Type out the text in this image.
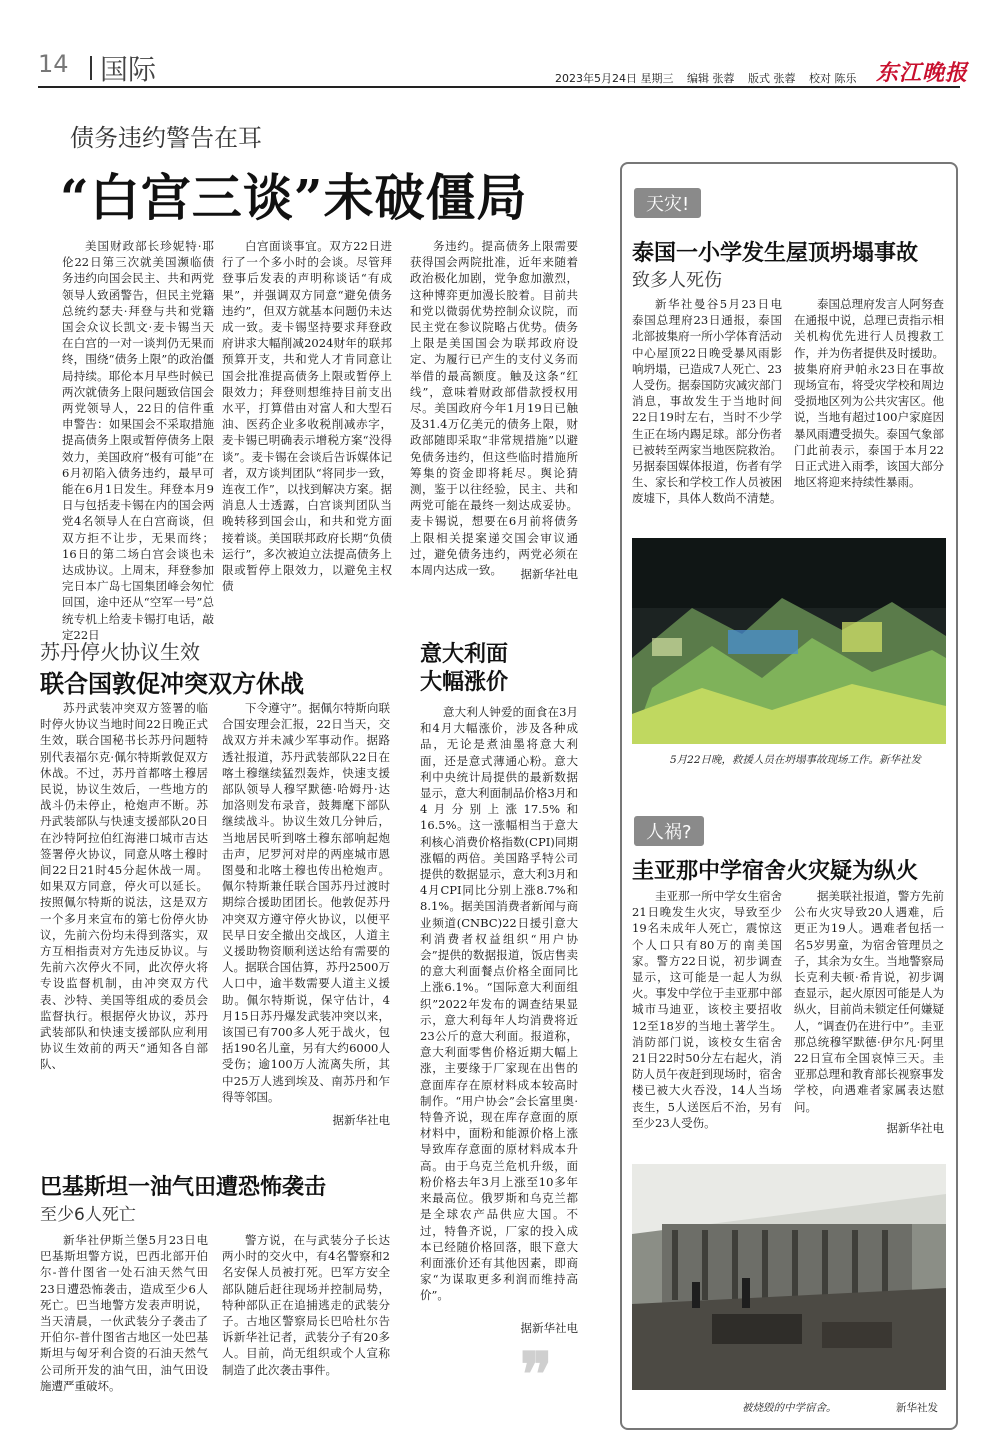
14 国际	2023年5月24日 星期三 编辑 张蓉 版式 张蓉 校对 陈乐 东江晚报
债务违约警告在耳
“白宫三谈”未破僵局

美国财政部长珍妮特·耶伦22日第三次就美国濒临债务违约向国会民主、共和两党领导人致函警告，但民主党籍总统约瑟夫·拜登与共和党籍国会众议长凯文·麦卡锡当天在白宫的一对一谈判仍无果而终，围绕“债务上限”的政治僵局持续。耶伦本月早些时候已两次就债务上限问题致信国会两党领导人，22日的信件重申警告：如果国会不采取措施提高债务上限或暂停债务上限效力，美国政府“极有可能”在6月初陷入债务违约，最早可能在6月1日发生。拜登本月9日与包括麦卡锡在内的国会两党4名领导人在白宫商谈，但双方拒不让步，无果而终；16日的第二场白宫会谈也未达成协议。上周末，拜登参加完日本广岛七国集团峰会匆忙回国，途中还从“空军一号”总统专机上给麦卡锡打电话，敲定22日

白宫面谈事宜。双方22日进行了一个多小时的会谈。尽管拜登事后发表的声明称谈话“有成果”，并强调双方同意“避免债务违约”，但双方就基本问题仍未达成一致。麦卡锡坚持要求拜登政府讲求大幅削减2024财年的联邦预算开支，共和党人才肯同意让国会批准提高债务上限或暂停上限效力；拜登则想维持目前支出水平，打算借由对富人和大型石油、医药企业多收税削减赤字，麦卡锡已明确表示增税方案“没得谈”。麦卡锡在会谈后告诉媒体记者，双方谈判团队“将同步一致，连夜工作”，以找到解决方案。据消息人士透露，白宫谈判团队当晚转移到国会山，和共和党方面接着谈。美国联邦政府长期“负债运行”，多次被迫立法提高债务上限或暂停上限效力，以避免主权债

务违约。提高债务上限需要获得国会两院批准，近年来随着政治极化加剧，党争愈加激烈，这种博弈更加漫长胶着。目前共和党以微弱优势控制众议院，而民主党在参议院略占优势。债务上限是美国国会为联邦政府设定、为履行已产生的支付义务而举借的最高额度。触及这条“红线”，意味着财政部借款授权用尽。美国政府今年1月19日已触及31.4万亿美元的债务上限，财政部随即采取“非常规措施”以避免债务违约，但这些临时措施所筹集的资金即将耗尽。舆论猜测，鉴于以往经验，民主、共和两党可能在最终一刻达成妥协。麦卡锡说，想要在6月前将债务上限相关提案递交国会审议通过，避免债务违约，两党必须在本周内达成一致。	据新华社电
苏丹停火协议生效
联合国敦促冲突双方休战

苏丹武装冲突双方签署的临时停火协议当地时间22日晚正式生效，联合国秘书长苏丹问题特别代表福尔克·佩尔特斯敦促双方休战。不过，苏丹首都喀土穆居民说，协议生效后，一些地方的战斗仍未停止，枪炮声不断。苏丹武装部队与快速支援部队20日在沙特阿拉伯红海港口城市吉达签署停火协议，同意从喀土穆时间22日21时45分起休战一周。如果双方同意，停火可以延长。按照佩尔特斯的说法，这是双方一个多月来宣布的第七份停火协议，先前六份均未得到落实，双方互相指责对方先违反协议。与先前六次停火不同，此次停火将专设监督机制，由冲突双方代表、沙特、美国等组成的委员会监督执行。根据停火协议，苏丹武装部队和快速支援部队应利用协议生效前的两天“通知各自部队、

下令遵守”。据佩尔特斯向联合国安理会汇报，22日当天，交战双方并未减少军事动作。据路透社报道，苏丹武装部队22日在喀土穆继续猛烈轰炸，快速支援部队领导人穆罕默德·哈姆丹·达加洛则发布录音，鼓舞麾下部队继续战斗。协议生效几分钟后，当地居民听到喀土穆东部响起炮击声，尼罗河对岸的两座城市恩图曼和北喀土穆也传出枪炮声。佩尔特斯兼任联合国苏丹过渡时期综合援助团团长。他敦促苏丹冲突双方遵守停火协议，以便平民早日安全撤出交战区，人道主义援助物资顺利送达给有需要的人。据联合国估算，苏丹2500万人口中，逾半数需要人道主义援助。佩尔特斯说，保守估计，4月15日苏丹爆发武装冲突以来，该国已有700多人死于战火，包括190名儿童，另有大约6000人受伤；逾100万人流离失所，其中25万人逃到埃及、南苏丹和乍得等邻国。

据新华社电
意大利面
大幅涨价

意大利人钟爱的面食在3月和4月大幅涨价，涉及各种成品，无论是煮油墨将意大利面，还是意式薄通心粉。意大利中央统计局提供的最新数据显示，意大利面制品价格3月和4月分别上涨17.5%和16.5%。这一涨幅相当于意大利核心消费价格指数(CPI)同期涨幅的两倍。美国路孚特公司提供的数据显示，意大利3月和4月CPI同比分别上涨8.7%和8.1%。据美国消费者新闻与商业频道(CNBC)22日援引意大利消费者权益组织“用户协会”提供的数据报道，饭店售卖的意大利面餐点价格全面同比上涨6.1%。“国际意大利面组织”2022年发布的调查结果显示，意大利每年人均消费将近23公斤的意大利面。报道称，意大利面零售价格近期大幅上涨，主要缘于厂家现在出售的意面库存在原材料成本较高时制作。“用户协会”会长富里奥·特鲁齐说，现在库存意面的原材料中，面粉和能源价格上涨导致库存意面的原材料成本升高。由于乌克兰危机升级，面粉价格去年3月上涨至10多年来最高位。俄罗斯和乌克兰都是全球农产品供应大国。不过，特鲁齐说，厂家的投入成本已经随价格回落，眼下意大利面涨价还有其他因素，即商家“为谋取更多利润而维持高价”。

据新华社电
巴基斯坦一油气田遭恐怖袭击
至少6人死亡

新华社伊斯兰堡5月23日电 巴基斯坦警方说，巴西北部开伯尔-普什图省一处石油天然气田23日遭恐怖袭击，造成至少6人死亡。巴当地警方发表声明说，当天清晨，一伙武装分子袭击了开伯尔-普什图省古地区一处巴基斯坦与匈牙利合资的石油天然气公司所开发的油气田，油气田设施遭严重破坏。

警方说，在与武装分子长达两小时的交火中，有4名警察和2名安保人员被打死。巴军方安全部队随后赶往现场并控制局势，特种部队正在追捕逃走的武装分子。古地区警察局长巴哈杜尔告诉新华社记者，武装分子有20多人。目前，尚无组织或个人宣称制造了此次袭击事件。	❞
天灾!
泰国一小学发生屋顶坍塌事故
致多人死伤

新华社曼谷5月23日电 泰国总理府23日通报，泰国北部披集府一所小学体育活动中心屋顶22日晚受暴风雨影响坍塌，已造成7人死亡、23人受伤。据泰国防灾减灾部门消息，事故发生于当地时间22日19时左右，当时不少学生正在场内踢足球。部分伤者已被转至两家当地医院救治。另据泰国媒体报道，伤者有学生、家长和学校工作人员被困废墟下，具体人数尚不清楚。

泰国总理府发言人阿努查在通报中说，总理已责指示相关机构优先进行人员搜救工作，并为伤者提供及时援助。披集府府尹帕永23日在事故现场宣布，将受灾学校和周边受损地区列为公共灾害区。他说，当地有超过100户家庭因暴风雨遭受损失。泰国气象部门此前表示，泰国于本月22日正式进入雨季，该国大部分地区将迎来持续性暴雨。

5月22日晚，救援人员在坍塌事故现场工作。新华社发
人祸?
圭亚那中学宿舍火灾疑为纵火

圭亚那一所中学女生宿舍21日晚发生火灾，导致至少19名未成年人死亡，震惊这个人口只有80万的南美国家。警方22日说，初步调查显示，这可能是一起人为纵火。事发中学位于圭亚那中部城市马迪亚，该校主要招收12至18岁的当地土著学生。消防部门说，该校女生宿舍21日22时50分左右起火，消防人员午夜赶到现场时，宿舍楼已被大火吞没，14人当场丧生，5人送医后不治，另有至少23人受伤。

据美联社报道，警方先前公布火灾导致20人遇难，后更正为19人。遇难者包括一名5岁男童，为宿舍管理员之子，其余为女生。当地警察局长克利夫顿·希肯说，初步调查显示，起火原因可能是人为纵火，目前尚未锁定任何嫌疑人，“调查仍在进行中”。圭亚那总统穆罕默德·伊尔凡·阿里22日宣布全国哀悼三天。圭亚那总理和教育部长视察事发学校，向遇难者家属表达慰问。

据新华社电
被烧毁的中学宿舍。	新华社发
